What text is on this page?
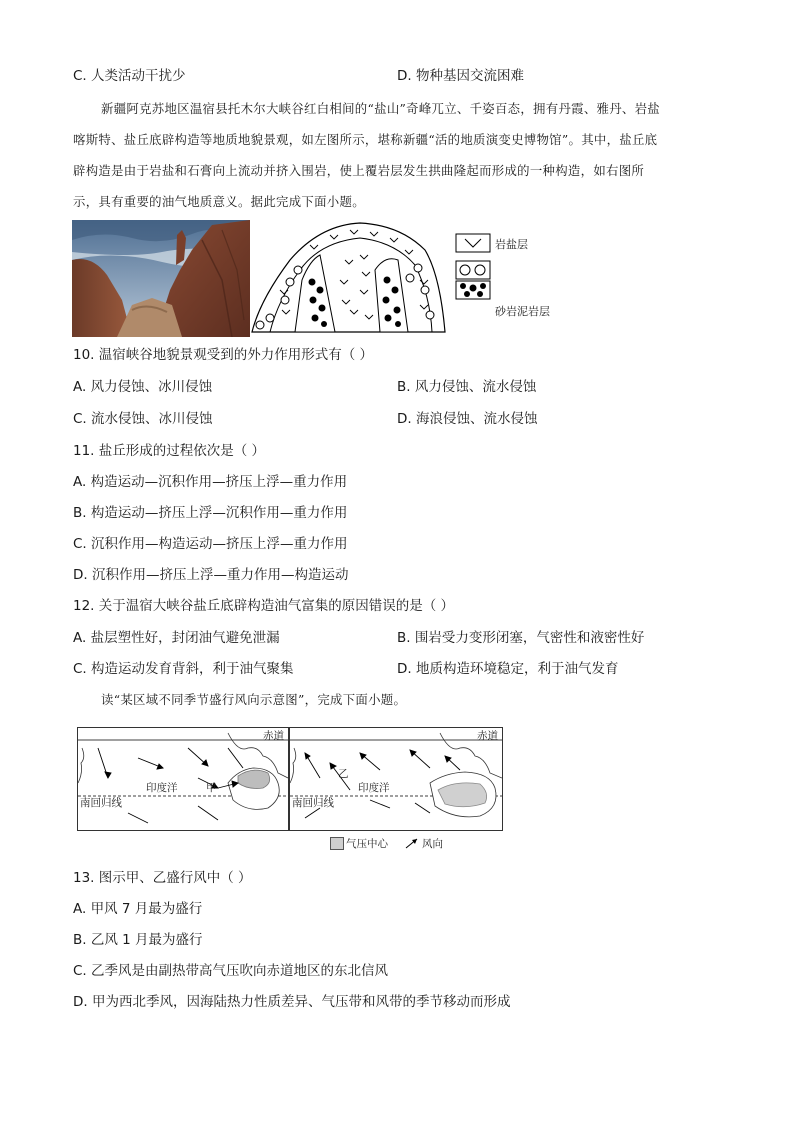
C. 人类活动干扰少	D. 物种基因交流困难
新疆阿克苏地区温宿县托木尔大峡谷红白相间的“盐山”奇峰兀立、千姿百态，拥有丹霞、雅丹、岩盐
喀斯特、盐丘底辟构造等地质地貌景观，如左图所示，堪称新疆“活的地质演变史博物馆”。其中，盐丘底
辟构造是由于岩盐和石膏向上流动并挤入围岩，使上覆岩层发生拱曲隆起而形成的一种构造，如右图所
示，具有重要的油气地质意义。据此完成下面小题。
岩盐层
砂岩泥岩层
10. 温宿峡谷地貌景观受到的外力作用形式有（ ）
A. 风力侵蚀、冰川侵蚀	B. 风力侵蚀、流水侵蚀
C. 流水侵蚀、冰川侵蚀	D. 海浪侵蚀、流水侵蚀
11. 盐丘形成的过程依次是（ ）
A. 构造运动—沉积作用—挤压上浮—重力作用
B. 构造运动—挤压上浮—沉积作用—重力作用
C. 沉积作用—构造运动—挤压上浮—重力作用
D. 沉积作用—挤压上浮—重力作用—构造运动
12. 关于温宿大峡谷盐丘底辟构造油气富集的原因错误的是（ ）
A. 盐层塑性好，封闭油气避免泄漏	B. 围岩受力变形闭塞，气密性和液密性好
C. 构造运动发育背斜，利于油气聚集	D. 地质构造环境稳定，利于油气发育
读“某区域不同季节盛行风向示意图”，完成下面小题。
赤道
印度洋	甲
南回归线
赤道
印度洋
乙
南回归线
气压中心	风向
13. 图示甲、乙盛行风中（ ）
A. 甲风 7 月最为盛行
B. 乙风 1 月最为盛行
C. 乙季风是由副热带高气压吹向赤道地区的东北信风
D. 甲为西北季风，因海陆热力性质差异、气压带和风带的季节移动而形成
